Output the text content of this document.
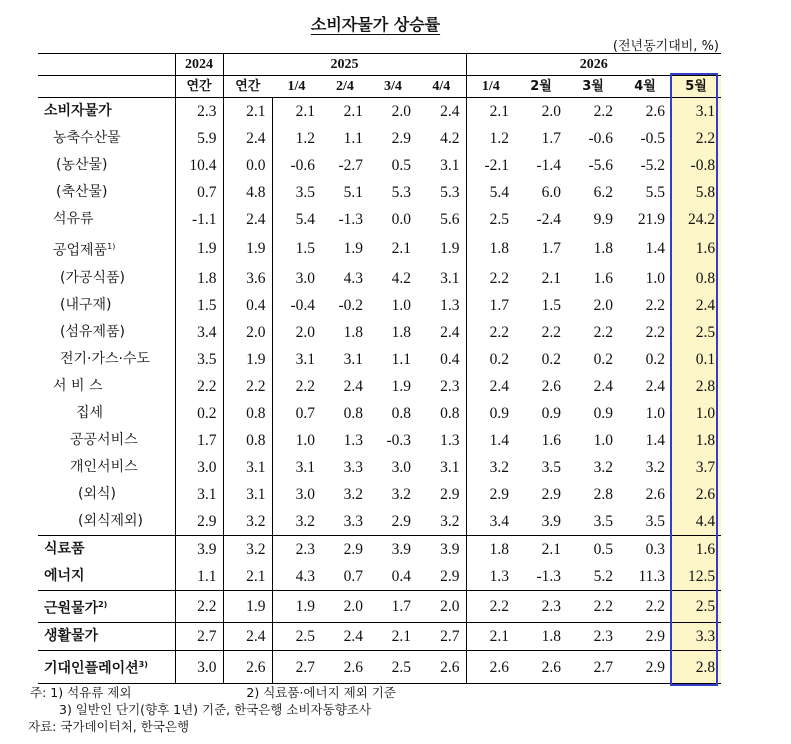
소비자물가 상승률
(전년동기대비, %)
	2024	2025					2026				
	연간	연간	1/4	2/4	3/4	4/4	1/4	2월	3월	4월	5월
소비자물가	2.3	2.1	2.1	2.1	2.0	2.4	2.1	2.0	2.2	2.6	3.1
농축수산물	5.9	2.4	1.2	1.1	2.9	4.2	1.2	1.7	-0.6	-0.5	2.2
(농산물)	10.4	0.0	-0.6	-2.7	0.5	3.1	-2.1	-1.4	-5.6	-5.2	-0.8
(축산물)	0.7	4.8	3.5	5.1	5.3	5.3	5.4	6.0	6.2	5.5	5.8
석유류	-1.1	2.4	5.4	-1.3	0.0	5.6	2.5	-2.4	9.9	21.9	24.2
공업제품$^{1)}$	1.9	1.9	1.5	1.9	2.1	1.9	1.8	1.7	1.8	1.4	1.6
(가공식품)	1.8	3.6	3.0	4.3	4.2	3.1	2.2	2.1	1.6	1.0	0.8
(내구재)	1.5	0.4	-0.4	-0.2	1.0	1.3	1.7	1.5	2.0	2.2	2.4
(섬유제품)	3.4	2.0	2.0	1.8	1.8	2.4	2.2	2.2	2.2	2.2	2.5
전기·가스·수도	3.5	1.9	3.1	3.1	1.1	0.4	0.2	0.2	0.2	0.2	0.1
서 비 스	2.2	2.2	2.2	2.4	1.9	2.3	2.4	2.6	2.4	2.4	2.8
집세	0.2	0.8	0.7	0.8	0.8	0.8	0.9	0.9	0.9	1.0	1.0
공공서비스	1.7	0.8	1.0	1.3	-0.3	1.3	1.4	1.6	1.0	1.4	1.8
개인서비스	3.0	3.1	3.1	3.3	3.0	3.1	3.2	3.5	3.2	3.2	3.7
(외식)	3.1	3.1	3.0	3.2	3.2	2.9	2.9	2.9	2.8	2.6	2.6
(외식제외)	2.9	3.2	3.2	3.3	2.9	3.2	3.4	3.9	3.5	3.5	4.4
식료품	3.9	3.2	2.3	2.9	3.9	3.9	1.8	2.1	0.5	0.3	1.6
에너지	1.1	2.1	4.3	0.7	0.4	2.9	1.3	-1.3	5.2	11.3	12.5
근원물가$^{2)}$	2.2	1.9	1.9	2.0	1.7	2.0	2.2	2.3	2.2	2.2	2.5
생활물가	2.7	2.4	2.5	2.4	2.1	2.7	2.1	1.8	2.3	2.9	3.3
기대인플레이션$^{3)}$	3.0	2.6	2.7	2.6	2.5	2.6	2.6	2.6	2.7	2.9	2.8
주: 1) 석유류 제외	2) 식료품·에너지 제외 기준
3) 일반인 단기(향후 1년) 기준, 한국은행 소비자동향조사
자료: 국가데이터처, 한국은행
